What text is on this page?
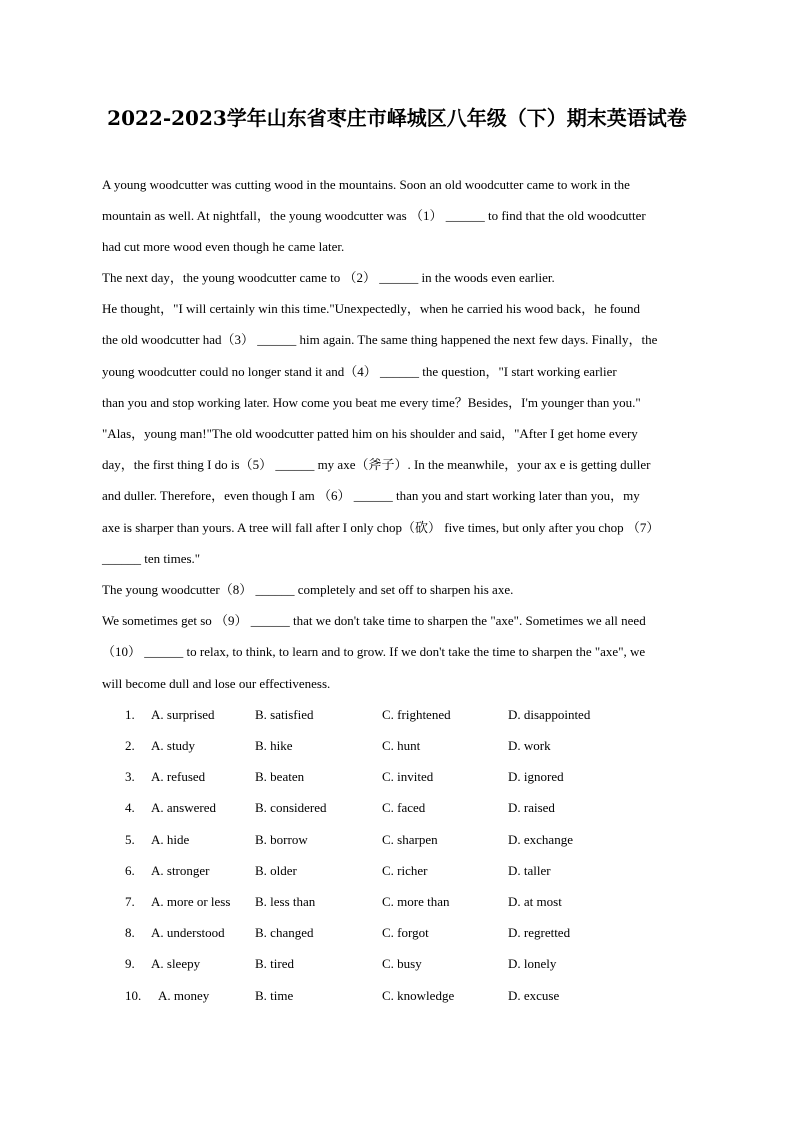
2022-2023学年山东省枣庄市峄城区八年级（下）期末英语试卷
A young woodcutter was cutting wood in the mountains. Soon an old woodcutter came to work in the
mountain as well. At nightfall，the young woodcutter was （1） ______ to find that the old woodcutter
had cut more wood even though he came later.
The next day，the young woodcutter came to （2） ______ in the woods even earlier.
He thought，"I will certainly win this time."Unexpectedly，when he carried his wood back，he found
the old woodcutter had（3） ______ him again. The same thing happened the next few days. Finally，the
young woodcutter could no longer stand it and（4） ______ the question，"I start working earlier
than you and stop working later. How come you beat me every time？Besides，I'm younger than you."
"Alas，young man!"The old woodcutter patted him on his shoulder and said，"After I get home every
day，the first thing I do is（5） ______ my axe（斧子）. In the meanwhile，your ax e is getting duller
and duller. Therefore，even though I am （6） ______ than you and start working later than you，my
axe is sharper than yours. A tree will fall after I only chop（砍） five times, but only after you chop （7）
______ ten times."
The young woodcutter（8） ______ completely and set off to sharpen his axe.
We sometimes get so （9） ______ that we don't take time to sharpen the "axe". Sometimes we all need
（10） ______ to relax, to think, to learn and to grow. If we don't take the time to sharpen the "axe", we
will become dull and lose our effectiveness.
1. A. surprised	B. satisfied	C. frightened	D. disappointed
2. A. study	B. hike	C. hunt	D. work
3. A. refused	B. beaten	C. invited	D. ignored
4. A. answered	B. considered	C. faced	D. raised
5. A. hide	B. borrow	C. sharpen	D. exchange
6. A. stronger	B. older	C. richer	D. taller
7. A. more or less B. less than	C. more than	D. at most
8. A. understood B. changed	C. forgot	D. regretted
9. A. sleepy	B. tired	C. busy	D. lonely
10. A. money	B. time	C. knowledge	D. excuse
